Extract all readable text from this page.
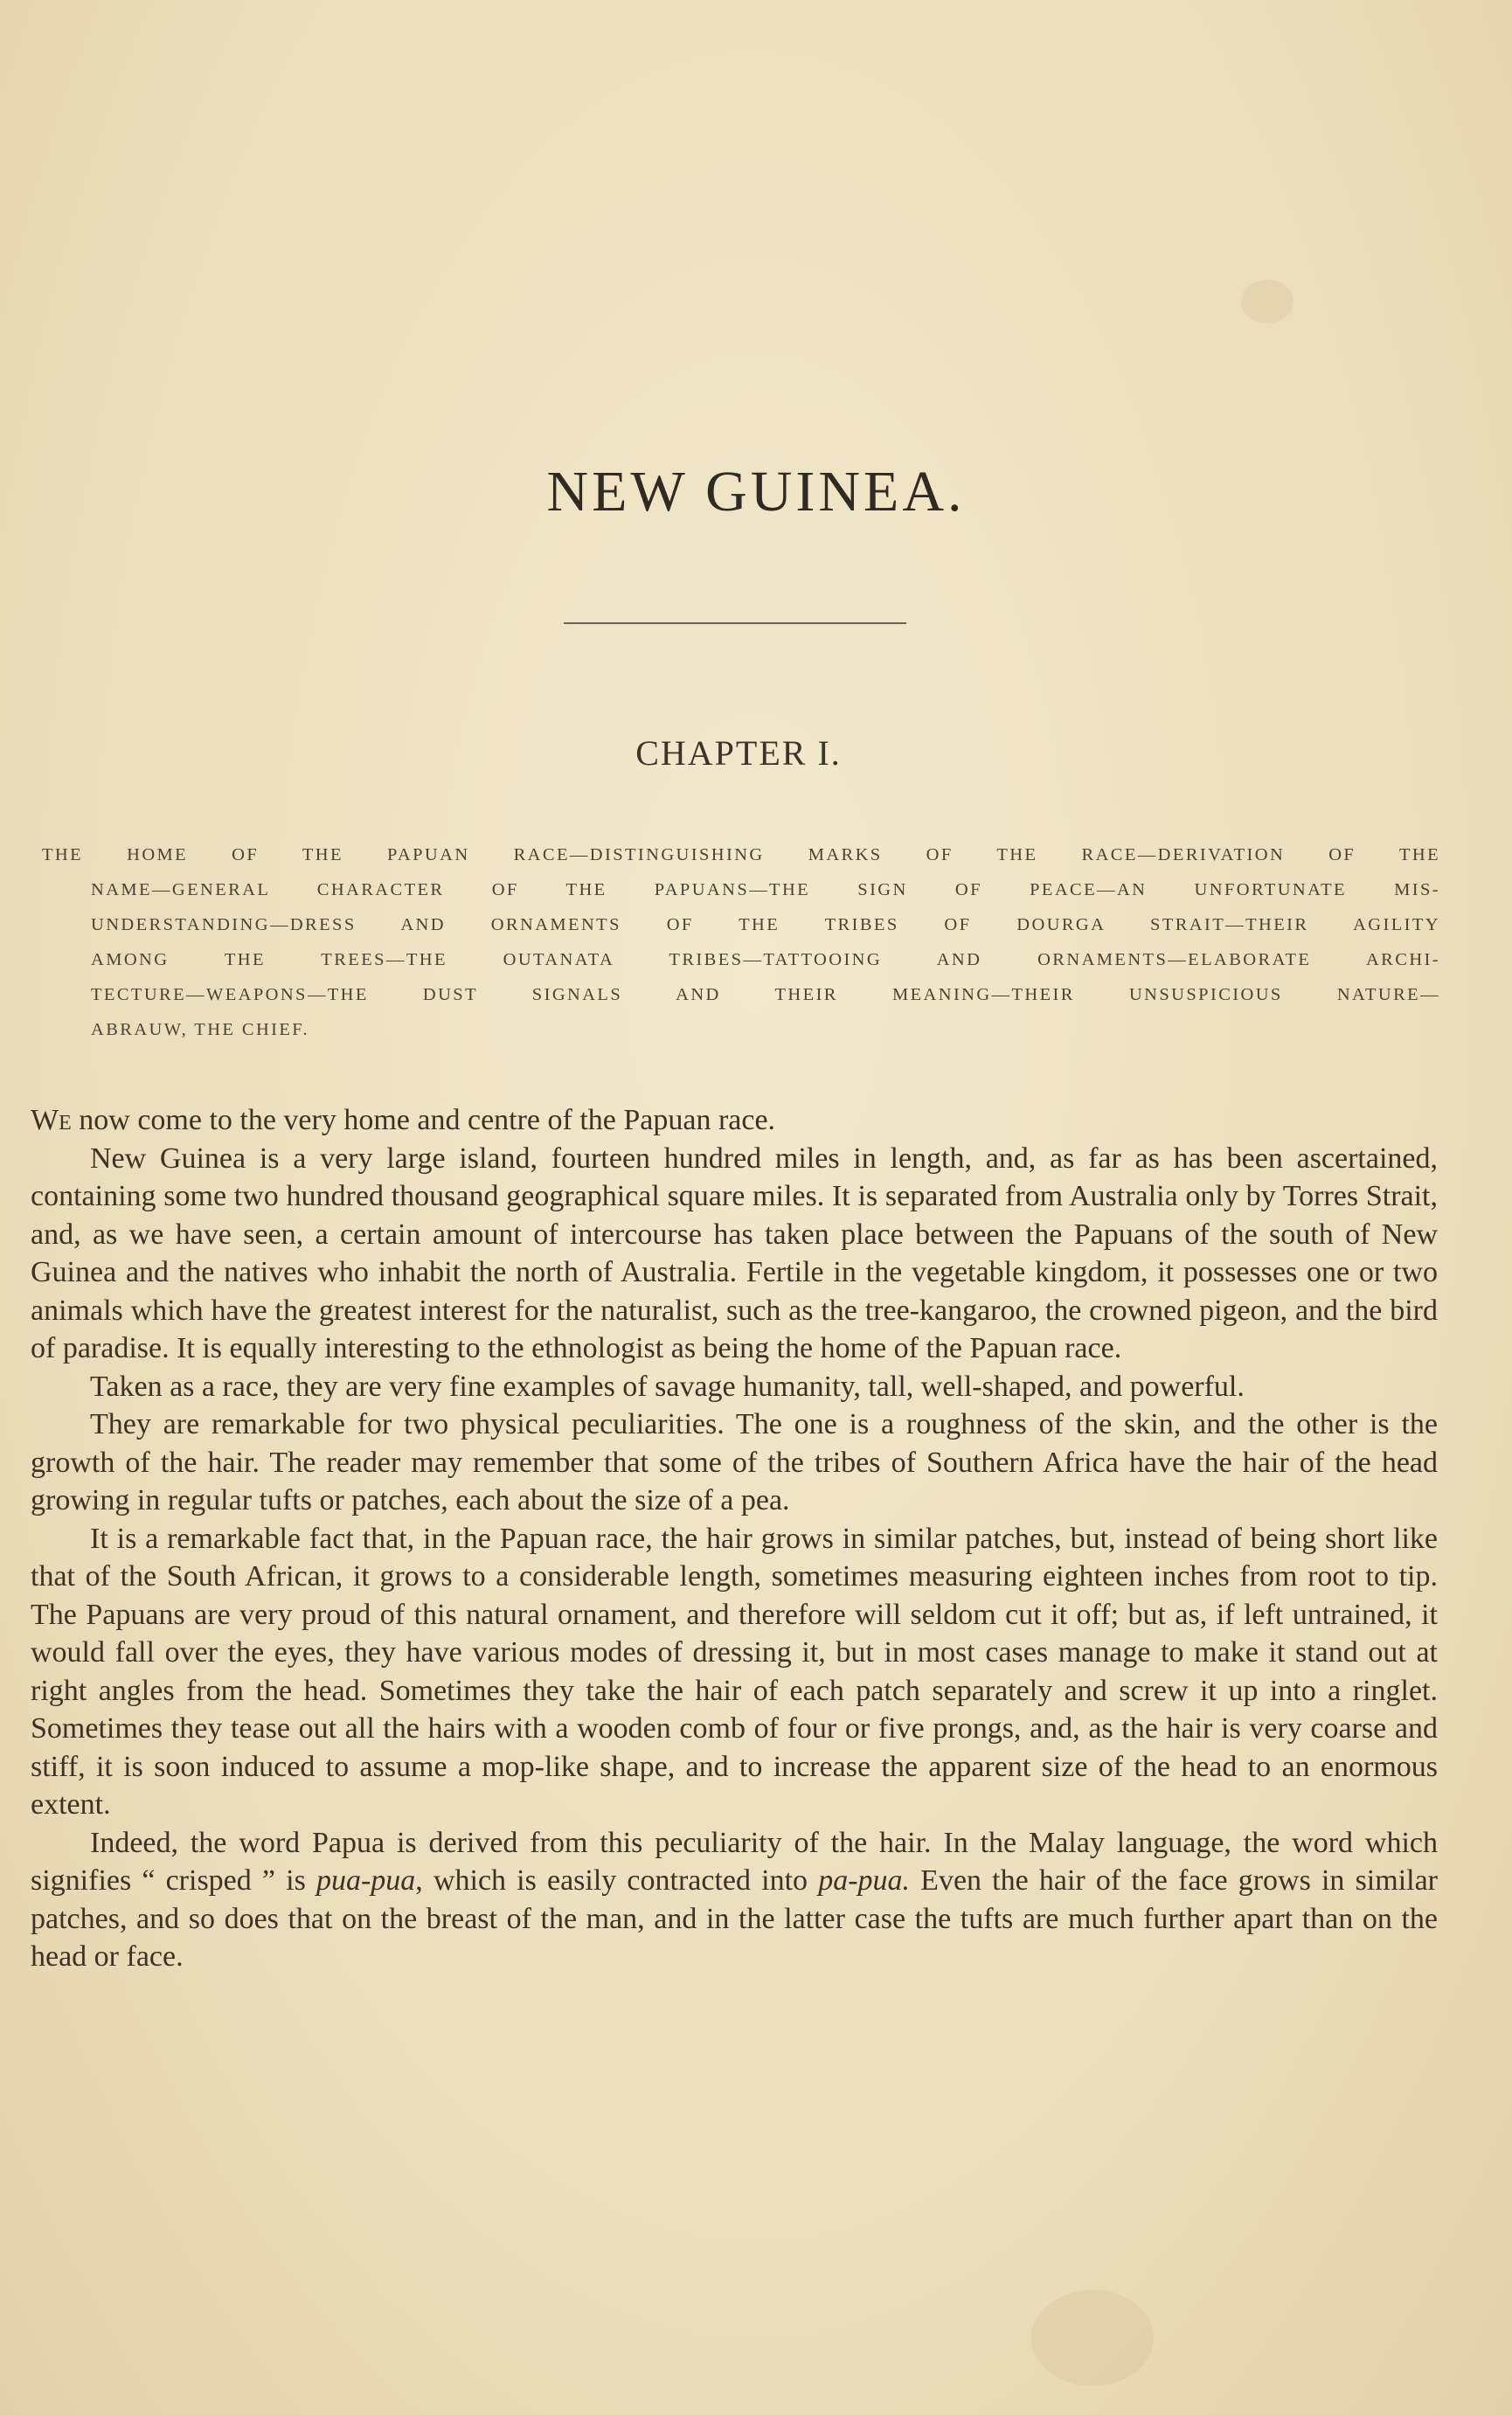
NEW GUINEA.
CHAPTER I.
THE HOME OF THE PAPUAN RACE—DISTINGUISHING MARKS OF THE RACE—DERIVATION OF THE
NAME—GENERAL CHARACTER OF THE PAPUANS—THE SIGN OF PEACE—AN UNFORTUNATE MIS-
UNDERSTANDING—DRESS AND ORNAMENTS OF THE TRIBES OF DOURGA STRAIT—THEIR AGILITY
AMONG THE TREES—THE OUTANATA TRIBES—TATTOOING AND ORNAMENTS—ELABORATE ARCHI-
TECTURE—WEAPONS—THE DUST SIGNALS AND THEIR MEANING—THEIR UNSUSPICIOUS NATURE—
ABRAUW, THE CHIEF.

We now come to the very home and centre of the Papuan race.

New Guinea is a very large island, fourteen hundred miles in length, and, as far as has been ascertained, containing some two hundred thousand geographical square miles. It is separated from Australia only by Torres Strait, and, as we have seen, a certain amount of intercourse has taken place between the Papuans of the south of New Guinea and the natives who inhabit the north of Australia. Fertile in the vegetable kingdom, it possesses one or two animals which have the greatest interest for the naturalist, such as the tree-kangaroo, the crowned pigeon, and the bird of paradise. It is equally interesting to the ethnologist as being the home of the Papuan race.

Taken as a race, they are very fine examples of savage humanity, tall, well-shaped, and powerful.

They are remarkable for two physical peculiarities. The one is a roughness of the skin, and the other is the growth of the hair. The reader may remember that some of the tribes of Southern Africa have the hair of the head growing in regular tufts or patches, each about the size of a pea.

It is a remarkable fact that, in the Papuan race, the hair grows in similar patches, but, instead of being short like that of the South African, it grows to a considerable length, sometimes measuring eighteen inches from root to tip. The Papuans are very proud of this natural ornament, and therefore will seldom cut it off; but as, if left untrained, it would fall over the eyes, they have various modes of dressing it, but in most cases manage to make it stand out at right angles from the head. Sometimes they take the hair of each patch separately and screw it up into a ringlet. Sometimes they tease out all the hairs with a wooden comb of four or five prongs, and, as the hair is very coarse and stiff, it is soon induced to assume a mop-like shape, and to increase the apparent size of the head to an enormous extent.

Indeed, the word Papua is derived from this peculiarity of the hair. In the Malay language, the word which signifies “ crisped ” is pua-pua, which is easily contracted into pa-pua. Even the hair of the face grows in similar patches, and so does that on the breast of the man, and in the latter case the tufts are much further apart than on the head or face.
